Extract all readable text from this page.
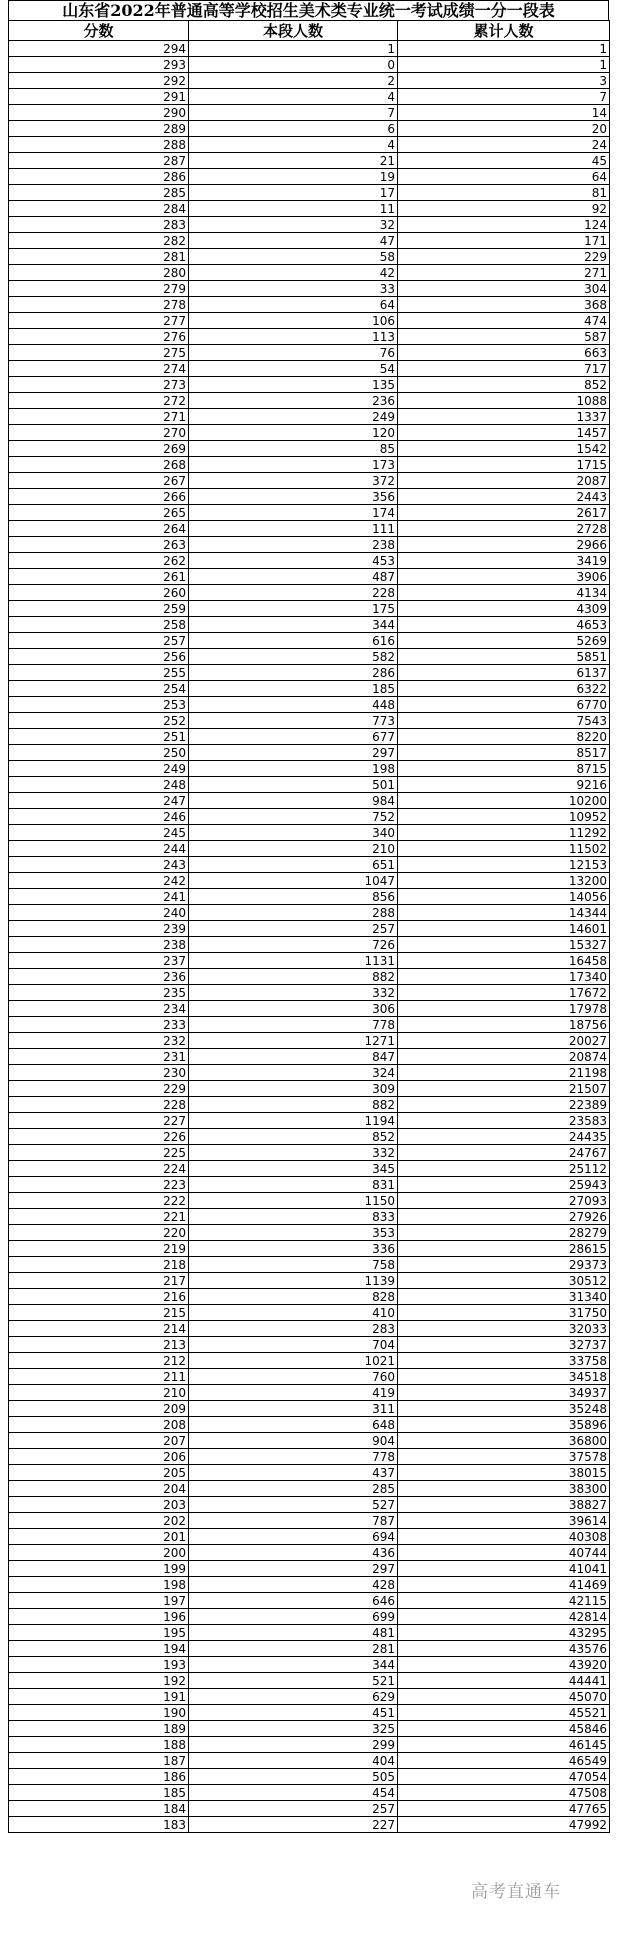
山东省2022年普通高等学校招生美术类专业统一考试成绩一分一段表
分数	本段人数	累计人数
294	1	1
293	0	1
292	2	3
291	4	7
290	7	14
289	6	20
288	4	24
287	21	45
286	19	64
285	17	81
284	11	92
283	32	124
282	47	171
281	58	229
280	42	271
279	33	304
278	64	368
277	106	474
276	113	587
275	76	663
274	54	717
273	135	852
272	236	1088
271	249	1337
270	120	1457
269	85	1542
268	173	1715
267	372	2087
266	356	2443
265	174	2617
264	111	2728
263	238	2966
262	453	3419
261	487	3906
260	228	4134
259	175	4309
258	344	4653
257	616	5269
256	582	5851
255	286	6137
254	185	6322
253	448	6770
252	773	7543
251	677	8220
250	297	8517
249	198	8715
248	501	9216
247	984	10200
246	752	10952
245	340	11292
244	210	11502
243	651	12153
242	1047	13200
241	856	14056
240	288	14344
239	257	14601
238	726	15327
237	1131	16458
236	882	17340
235	332	17672
234	306	17978
233	778	18756
232	1271	20027
231	847	20874
230	324	21198
229	309	21507
228	882	22389
227	1194	23583
226	852	24435
225	332	24767
224	345	25112
223	831	25943
222	1150	27093
221	833	27926
220	353	28279
219	336	28615
218	758	29373
217	1139	30512
216	828	31340
215	410	31750
214	283	32033
213	704	32737
212	1021	33758
211	760	34518
210	419	34937
209	311	35248
208	648	35896
207	904	36800
206	778	37578
205	437	38015
204	285	38300
203	527	38827
202	787	39614
201	694	40308
200	436	40744
199	297	41041
198	428	41469
197	646	42115
196	699	42814
195	481	43295
194	281	43576
193	344	43920
192	521	44441
191	629	45070
190	451	45521
189	325	45846
188	299	46145
187	404	46549
186	505	47054
185	454	47508
184	257	47765
183	227	47992
高考直通车
